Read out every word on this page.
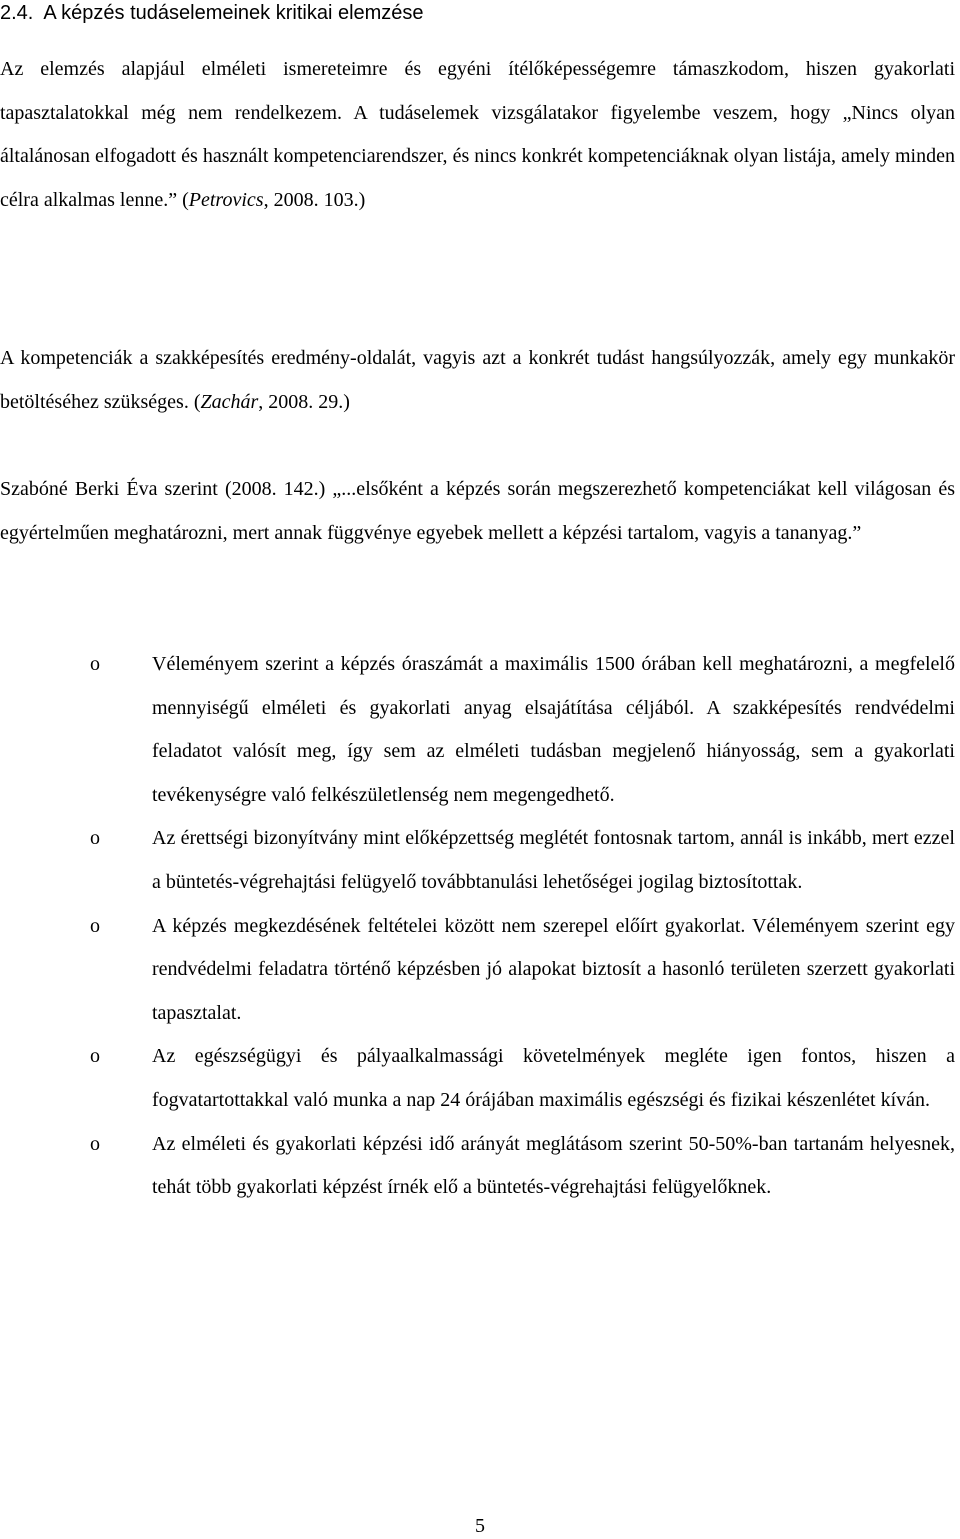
2.4. A képzés tudáselemeinek kritikai elemzése

Az elemzés alapjául elméleti ismereteimre és egyéni ítélőképességemre támaszkodom, hiszen gyakorlati tapasztalatokkal még nem rendelkezem. A tudáselemek vizsgálatakor figyelembe veszem, hogy „Nincs olyan általánosan elfogadott és használt kompetenciarendszer, és nincs konkrét kompetenciáknak olyan listája, amely minden célra alkalmas lenne.” (Petrovics, 2008. 103.)

A kompetenciák a szakképesítés eredmény-oldalát, vagyis azt a konkrét tudást hangsúlyozzák, amely egy munkakör betöltéséhez szükséges. (Zachár, 2008. 29.)

Szabóné Berki Éva szerint (2008. 142.) „...elsőként a képzés során megszerezhető kompetenciákat kell világosan és egyértelműen meghatározni, mert annak függvénye egyebek mellett a képzési tartalom, vagyis a tananyag.”

o	Véleményem szerint a képzés óraszámát a maximális 1500 órában kell meghatározni, a megfelelő mennyiségű elméleti és gyakorlati anyag elsajátítása céljából. A szakképesítés rendvédelmi feladatot valósít meg, így sem az elméleti tudásban megjelenő hiányosság, sem a gyakorlati tevékenységre való felkészületlenség nem megengedhető.
o	Az érettségi bizonyítvány mint előképzettség meglétét fontosnak tartom, annál is inkább, mert ezzel a büntetés-végrehajtási felügyelő továbbtanulási lehetőségei jogilag biztosítottak.
o	A képzés megkezdésének feltételei között nem szerepel előírt gyakorlat. Véleményem szerint egy rendvédelmi feladatra történő képzésben jó alapokat biztosít a hasonló területen szerzett gyakorlati tapasztalat.
o	Az egészségügyi és pályaalkalmassági követelmények megléte igen fontos, hiszen a fogvatartottakkal való munka a nap 24 órájában maximális egészségi és fizikai készenlétet kíván.
o	Az elméleti és gyakorlati képzési idő arányát meglátásom szerint 50-50%-ban tartanám helyesnek, tehát több gyakorlati képzést írnék elő a büntetés-végrehajtási felügyelőknek.
5
